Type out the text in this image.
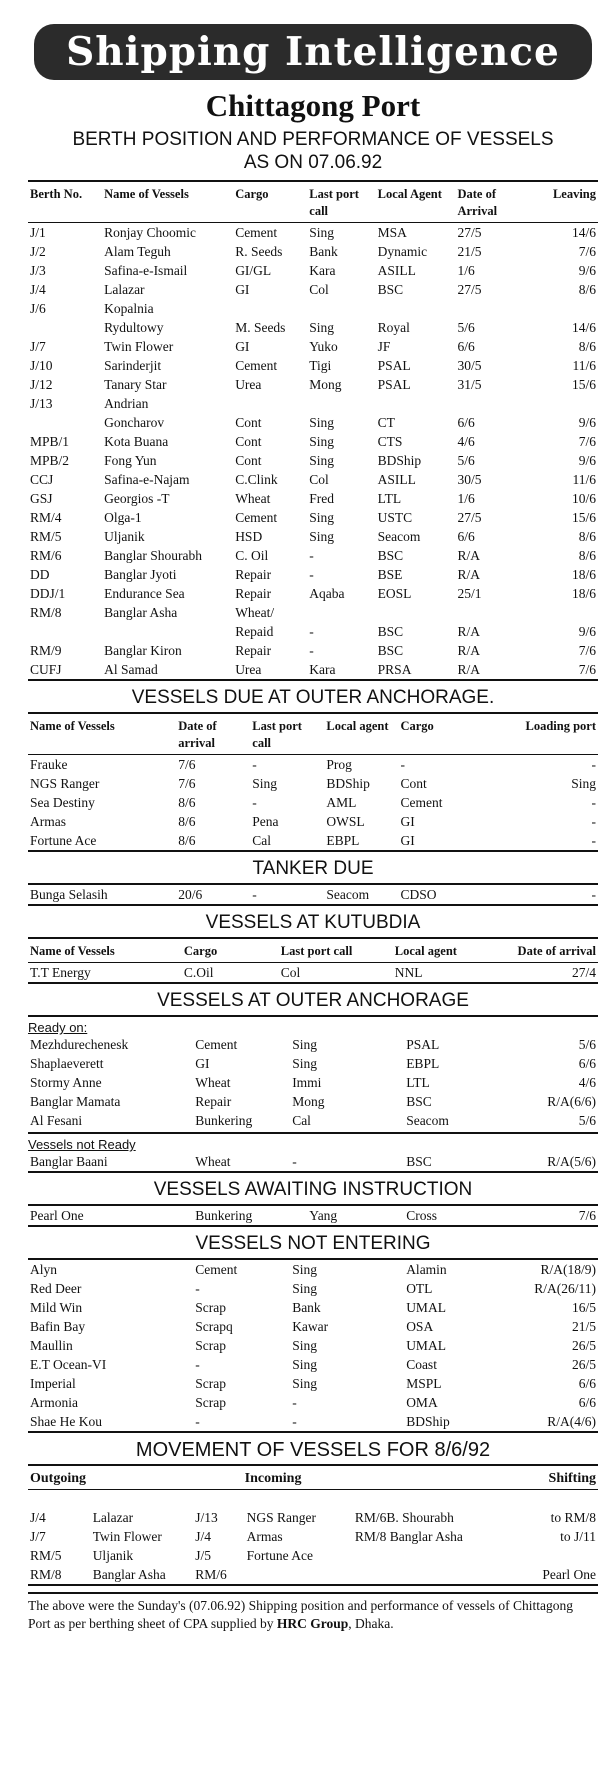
Shipping Intelligence
Chittagong Port
BERTH POSITION AND PERFORMANCE OF VESSELS
AS ON 07.06.92
Berth No.	Name of Vessels	Cargo	Last port call	Local Agent	Date of Arrival	Leaving
J/1	Ronjay Choomic	Cement	Sing	MSA	27/5	14/6
J/2	Alam Teguh	R. Seeds	Bank	Dynamic	21/5	7/6
J/3	Safina-e-Ismail	GI/GL	Kara	ASILL	1/6	9/6
J/4	Lalazar	GI	Col	BSC	27/5	8/6
J/6	Kopalnia					
	Rydultowy	M. Seeds	Sing	Royal	5/6	14/6
J/7	Twin Flower	GI	Yuko	JF	6/6	8/6
J/10	Sarinderjit	Cement	Tigi	PSAL	30/5	11/6
J/12	Tanary Star	Urea	Mong	PSAL	31/5	15/6
J/13	Andrian					
	Goncharov	Cont	Sing	CT	6/6	9/6
MPB/1	Kota Buana	Cont	Sing	CTS	4/6	7/6
MPB/2	Fong Yun	Cont	Sing	BDShip	5/6	9/6
CCJ	Safina-e-Najam	C.Clink	Col	ASILL	30/5	11/6
GSJ	Georgios -T	Wheat	Fred	LTL	1/6	10/6
RM/4	Olga-1	Cement	Sing	USTC	27/5	15/6
RM/5	Uljanik	HSD	Sing	Seacom	6/6	8/6
RM/6	Banglar Shourabh	C. Oil	-	BSC	R/A	8/6
DD	Banglar Jyoti	Repair	-	BSE	R/A	18/6
DDJ/1	Endurance Sea	Repair	Aqaba	EOSL	25/1	18/6
RM/8	Banglar Asha	Wheat/				
		Repaid	-	BSC	R/A	9/6
RM/9	Banglar Kiron	Repair	-	BSC	R/A	7/6
CUFJ	Al Samad	Urea	Kara	PRSA	R/A	7/6
VESSELS DUE AT OUTER ANCHORAGE.
Name of Vessels	Date of arrival	Last port call	Local agent	Cargo	Loading port
Frauke	7/6	-	Prog	-	-
NGS Ranger	7/6	Sing	BDShip	Cont	Sing
Sea Destiny	8/6	-	AML	Cement	-
Armas	8/6	Pena	OWSL	GI	-
Fortune Ace	8/6	Cal	EBPL	GI	-
TANKER DUE
Bunga Selasih	20/6	-	Seacom	CDSO	-
VESSELS AT KUTUBDIA
Name of Vessels	Cargo	Last port call	Local agent	Date of arrival
T.T Energy	C.Oil	Col	NNL	27/4
VESSELS AT OUTER ANCHORAGE
Ready on:
Mezhdurechenesk	Cement	Sing	PSAL	5/6
Shaplaeverett	GI	Sing	EBPL	6/6
Stormy Anne	Wheat	Immi	LTL	4/6
Banglar Mamata	Repair	Mong	BSC	R/A(6/6)
Al Fesani	Bunkering	Cal	Seacom	5/6
Vessels not Ready
Banglar Baani	Wheat	-	BSC	R/A(5/6)
VESSELS AWAITING INSTRUCTION
Pearl One	Bunkering	Yang	Cross	7/6
VESSELS NOT ENTERING
Alyn	Cement	Sing	Alamin	R/A(18/9)
Red Deer	-	Sing	OTL	R/A(26/11)
Mild Win	Scrap	Bank	UMAL	16/5
Bafin Bay	Scrapq	Kawar	OSA	21/5
Maullin	Scrap	Sing	UMAL	26/5
E.T Ocean-VI	-	Sing	Coast	26/5
Imperial	Scrap	Sing	MSPL	6/6
Armonia	Scrap	-	OMA	6/6
Shae He Kou	-	-	BDShip	R/A(4/6)
MOVEMENT OF VESSELS FOR 8/6/92
Outgoing		Incoming		Shifting	
J/4	Lalazar	J/13	NGS Ranger	RM/6B. Shourabh	to RM/8
J/7	Twin Flower	J/4	Armas	RM/8 Banglar Asha	to J/11
RM/5	Uljanik	J/5	Fortune Ace		
RM/8	Banglar Asha	RM/6			Pearl One
The above were the Sunday's (07.06.92) Shipping position and performance of vessels of Chittagong Port as per berthing sheet of CPA supplied by HRC Group, Dhaka.
